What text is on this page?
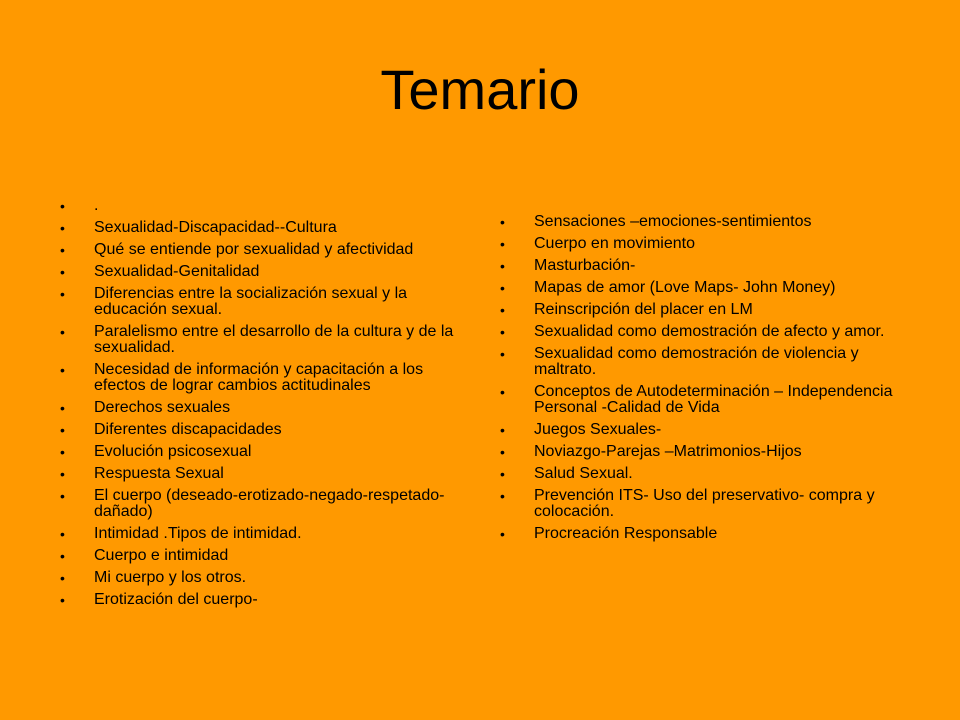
Temario
• .
• Sexualidad-Discapacidad--Cultura
• Qué se entiende por sexualidad y afectividad
• Sexualidad-Genitalidad
• Diferencias entre la socialización sexual y la educación sexual.
• Paralelismo entre el desarrollo de la cultura y de la sexualidad.
• Necesidad de información y capacitación a los efectos de lograr cambios actitudinales
• Derechos sexuales
• Diferentes discapacidades
• Evolución psicosexual
• Respuesta Sexual
• El cuerpo (deseado-erotizado-negado-respetado-dañado)
• Intimidad .Tipos de intimidad.
• Cuerpo e intimidad
• Mi cuerpo y los otros.
• Erotización del cuerpo-
• Sensaciones –emociones-sentimientos
• Cuerpo en movimiento
• Masturbación-
• Mapas de amor (Love Maps- John Money)
• Reinscripción del placer en LM
• Sexualidad como demostración de afecto y amor.
• Sexualidad como demostración de violencia y maltrato.
• Conceptos de Autodeterminación – Independencia Personal -Calidad de Vida
• Juegos Sexuales-
• Noviazgo-Parejas –Matrimonios-Hijos
• Salud Sexual.
• Prevención ITS- Uso del preservativo- compra y colocación.
• Procreación Responsable
